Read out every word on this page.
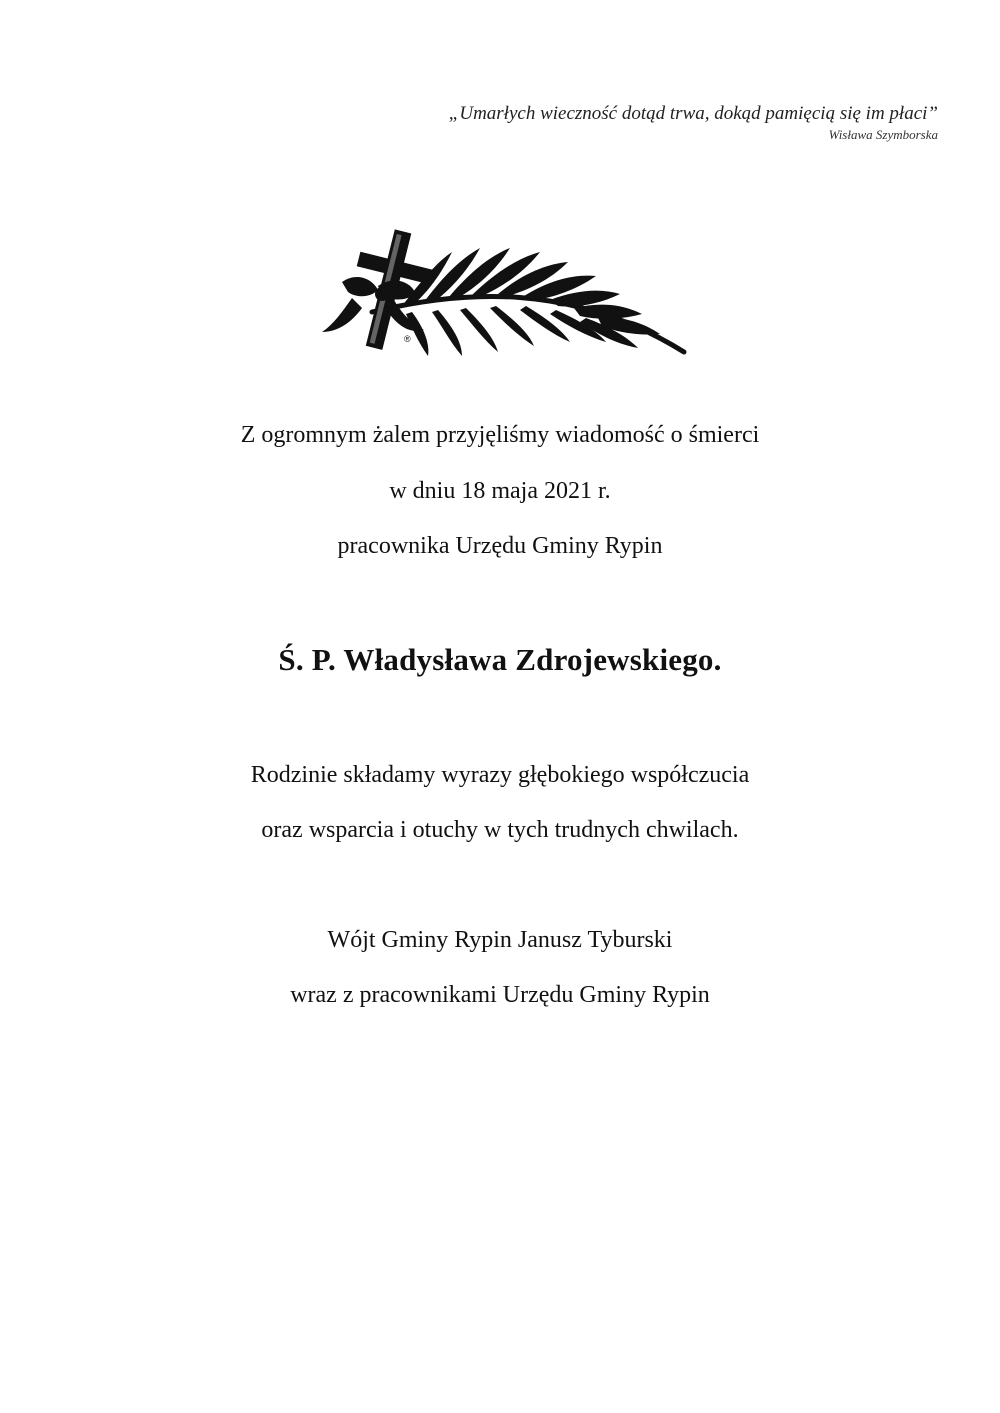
„Umarłych wieczność dotąd trwa, dokąd pamięcią się im płaci”
Wisława Szymborska
®
Z ogromnym żalem przyjęliśmy wiadomość o śmierci
w dniu 18 maja 2021 r.
pracownika Urzędu Gminy Rypin
Ś. P. Władysława Zdrojewskiego.
Rodzinie składamy wyrazy głębokiego współczucia
oraz wsparcia i otuchy w tych trudnych chwilach.
Wójt Gminy Rypin Janusz Tyburski
wraz z pracownikami Urzędu Gminy Rypin
